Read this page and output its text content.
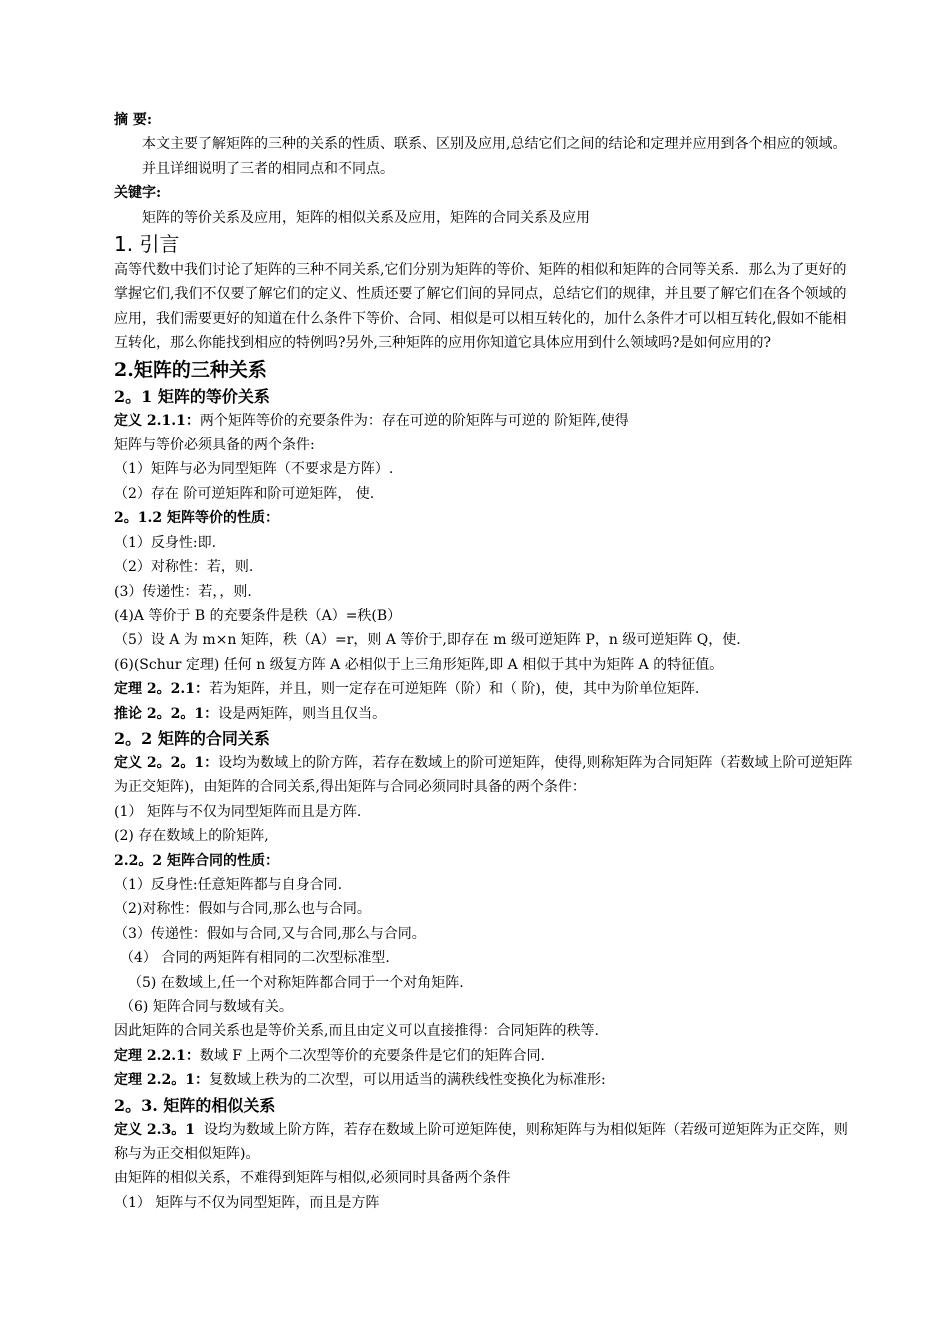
摘 要:
本文主要了解矩阵的三种的关系的性质、联系、区别及应用,总结它们之间的结论和定理并应用到各个相应的领域。并且详细说明了三者的相同点和不同点。
关键字:
矩阵的等价关系及应用，矩阵的相似关系及应用，矩阵的合同关系及应用
1. 引言
高等代数中我们讨论了矩阵的三种不同关系,它们分别为矩阵的等价、矩阵的相似和矩阵的合同等关系．那么为了更好的掌握它们,我们不仅要了解它们的定义、性质还要了解它们间的异同点，总结它们的规律，并且要了解它们在各个领域的应用，我们需要更好的知道在什么条件下等价、合同、相似是可以相互转化的，加什么条件才可以相互转化,假如不能相互转化，那么你能找到相应的特例吗?另外,三种矩阵的应用你知道它具体应用到什么领域吗?是如何应用的?
2.矩阵的三种关系
2。1 矩阵的等价关系
定义 2.1.1：两个矩阵等价的充要条件为：存在可逆的阶矩阵与可逆的 阶矩阵,使得
矩阵与等价必须具备的两个条件:
（1）矩阵与必为同型矩阵（不要求是方阵）.
（2）存在 阶可逆矩阵和阶可逆矩阵， 使.
2。1.2 矩阵等价的性质：
（1）反身性:即.
（2）对称性：若，则.
(3）传递性：若，，则.
(4)A 等价于 B 的充要条件是秩（A）=秩(B）
（5）设 A 为 m×n 矩阵，秩（A）=r，则 A 等价于,即存在 m 级可逆矩阵 P，n 级可逆矩阵 Q，使.
(6)(Schur 定理) 任何 n 级复方阵 A 必相似于上三角形矩阵,即 A 相似于其中为矩阵 A 的特征值。
定理 2。2.1：若为矩阵，并且，则一定存在可逆矩阵（阶）和（ 阶)，使，其中为阶单位矩阵.
推论 2。2。1：设是两矩阵，则当且仅当。
2。2 矩阵的合同关系
定义 2。2。1：设均为数域上的阶方阵，若存在数域上的阶可逆矩阵，使得,则称矩阵为合同矩阵（若数域上阶可逆矩阵为正交矩阵)，由矩阵的合同关系,得出矩阵与合同必须同时具备的两个条件：
(1） 矩阵与不仅为同型矩阵而且是方阵.
(2) 存在数域上的阶矩阵,
2.2。2 矩阵合同的性质：
（1）反身性:任意矩阵都与自身合同.
（2)对称性：假如与合同,那么也与合同。
（3）传递性：假如与合同,又与合同,那么与合同。
（4） 合同的两矩阵有相同的二次型标准型.
（5) 在数域上,任一个对称矩阵都合同于一个对角矩阵.
（6) 矩阵合同与数域有关。
因此矩阵的合同关系也是等价关系,而且由定义可以直接推得：合同矩阵的秩等.
定理 2.2.1：数域 F 上两个二次型等价的充要条件是它们的矩阵合同.
定理 2.2。1：复数域上秩为的二次型，可以用适当的满秩线性变换化为标准形:
2。3. 矩阵的相似关系
定义 2.3。1 设均为数域上阶方阵，若存在数域上阶可逆矩阵使，则称矩阵与为相似矩阵（若级可逆矩阵为正交阵，则称与为正交相似矩阵)。
由矩阵的相似关系，不难得到矩阵与相似,必须同时具备两个条件
（1） 矩阵与不仅为同型矩阵，而且是方阵
